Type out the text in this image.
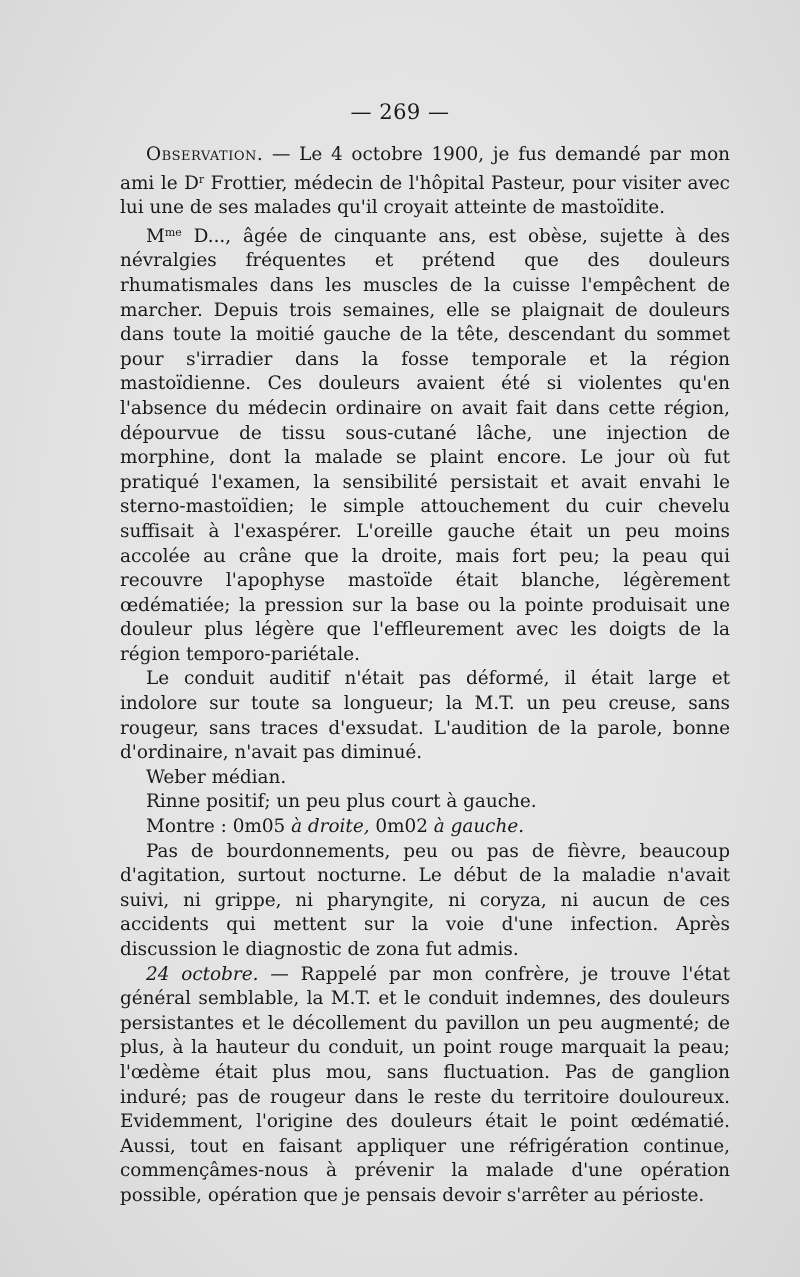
— 269 —

Observation. — Le 4 octobre 1900, je fus demandé par mon ami le $D^r$ Frottier, médecin de l'hôpital Pasteur, pour visiter avec lui une de ses malades qu'il croyait atteinte de mastoïdite.

$M^{me}$ D..., âgée de cinquante ans, est obèse, sujette à des névralgies fréquentes et prétend que des douleurs rhumatismales dans les muscles de la cuisse l'empêchent de marcher. Depuis trois semaines, elle se plaignait de douleurs dans toute la moitié gauche de la tête, descendant du sommet pour s'irradier dans la fosse temporale et la région mastoïdienne. Ces douleurs avaient été si violentes qu'en l'absence du médecin ordinaire on avait fait dans cette région, dépourvue de tissu sous-cutané lâche, une injection de morphine, dont la malade se plaint encore. Le jour où fut pratiqué l'examen, la sensibilité persistait et avait envahi le sterno-mastoïdien; le simple attouchement du cuir chevelu suffisait à l'exaspérer. L'oreille gauche était un peu moins accolée au crâne que la droite, mais fort peu; la peau qui recouvre l'apophyse mastoïde était blanche, légèrement œdématiée; la pression sur la base ou la pointe produisait une douleur plus légère que l'effleurement avec les doigts de la région temporo-pariétale.

Le conduit auditif n'était pas déformé, il était large et indolore sur toute sa longueur; la M.T. un peu creuse, sans rougeur, sans traces d'exsudat. L'audition de la parole, bonne d'ordinaire, n'avait pas diminué.

Weber médian.

Rinne positif; un peu plus court à gauche.

Montre : 0m05 à droite, 0m02 à gauche.

Pas de bourdonnements, peu ou pas de fièvre, beaucoup d'agitation, surtout nocturne. Le début de la maladie n'avait suivi, ni grippe, ni pharyngite, ni coryza, ni aucun de ces accidents qui mettent sur la voie d'une infection. Après discussion le diagnostic de zona fut admis.

24 octobre. — Rappelé par mon confrère, je trouve l'état général semblable, la M.T. et le conduit indemnes, des douleurs persistantes et le décollement du pavillon un peu augmenté; de plus, à la hauteur du conduit, un point rouge marquait la peau; l'œdème était plus mou, sans fluctuation. Pas de ganglion induré; pas de rougeur dans le reste du territoire douloureux. Evidemment, l'origine des douleurs était le point œdématié. Aussi, tout en faisant appliquer une réfrigération continue, commençâmes-nous à prévenir la malade d'une opération possible, opération que je pensais devoir s'arrêter au périoste.
